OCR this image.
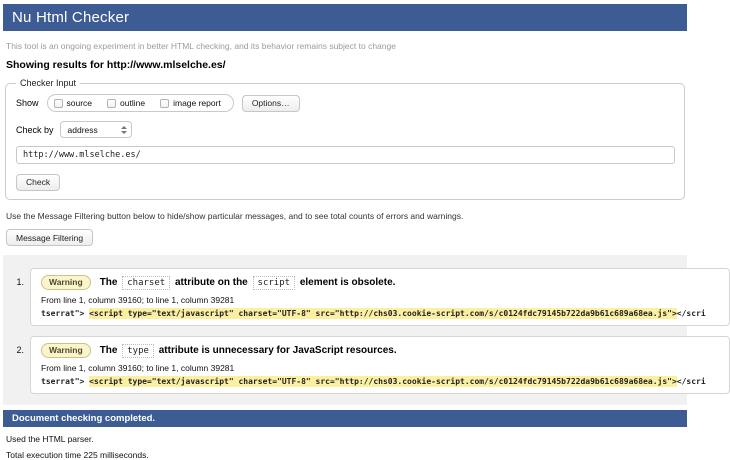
Nu Html Checker

This tool is an ongoing experiment in better HTML checking, and its behavior remains subject to change

Showing results for http://www.mlselche.es/
Checker Input
Show	source	outline	image report	Options…
Check by address
http://www.mlselche.es/
Check

Use the Message Filtering button below to hide/show particular messages, and to see total counts of errors and warnings.

Message Filtering
1.	Warning The charset attribute on the script element is obsolete.
From line 1, column 39160; to line 1, column 39281
tserrat"> <script type="text/javascript" charset="UTF-8" src="http://chs03.cookie-script.com/s/c0124fdc79145b722da9b61c689a68ea.js"></scri
2.	Warning The type attribute is unnecessary for JavaScript resources.
From line 1, column 39160; to line 1, column 39281
tserrat"> <script type="text/javascript" charset="UTF-8" src="http://chs03.cookie-script.com/s/c0124fdc79145b722da9b61c689a68ea.js"></scri
Document checking completed.

Used the HTML parser.

Total execution time 225 milliseconds.
